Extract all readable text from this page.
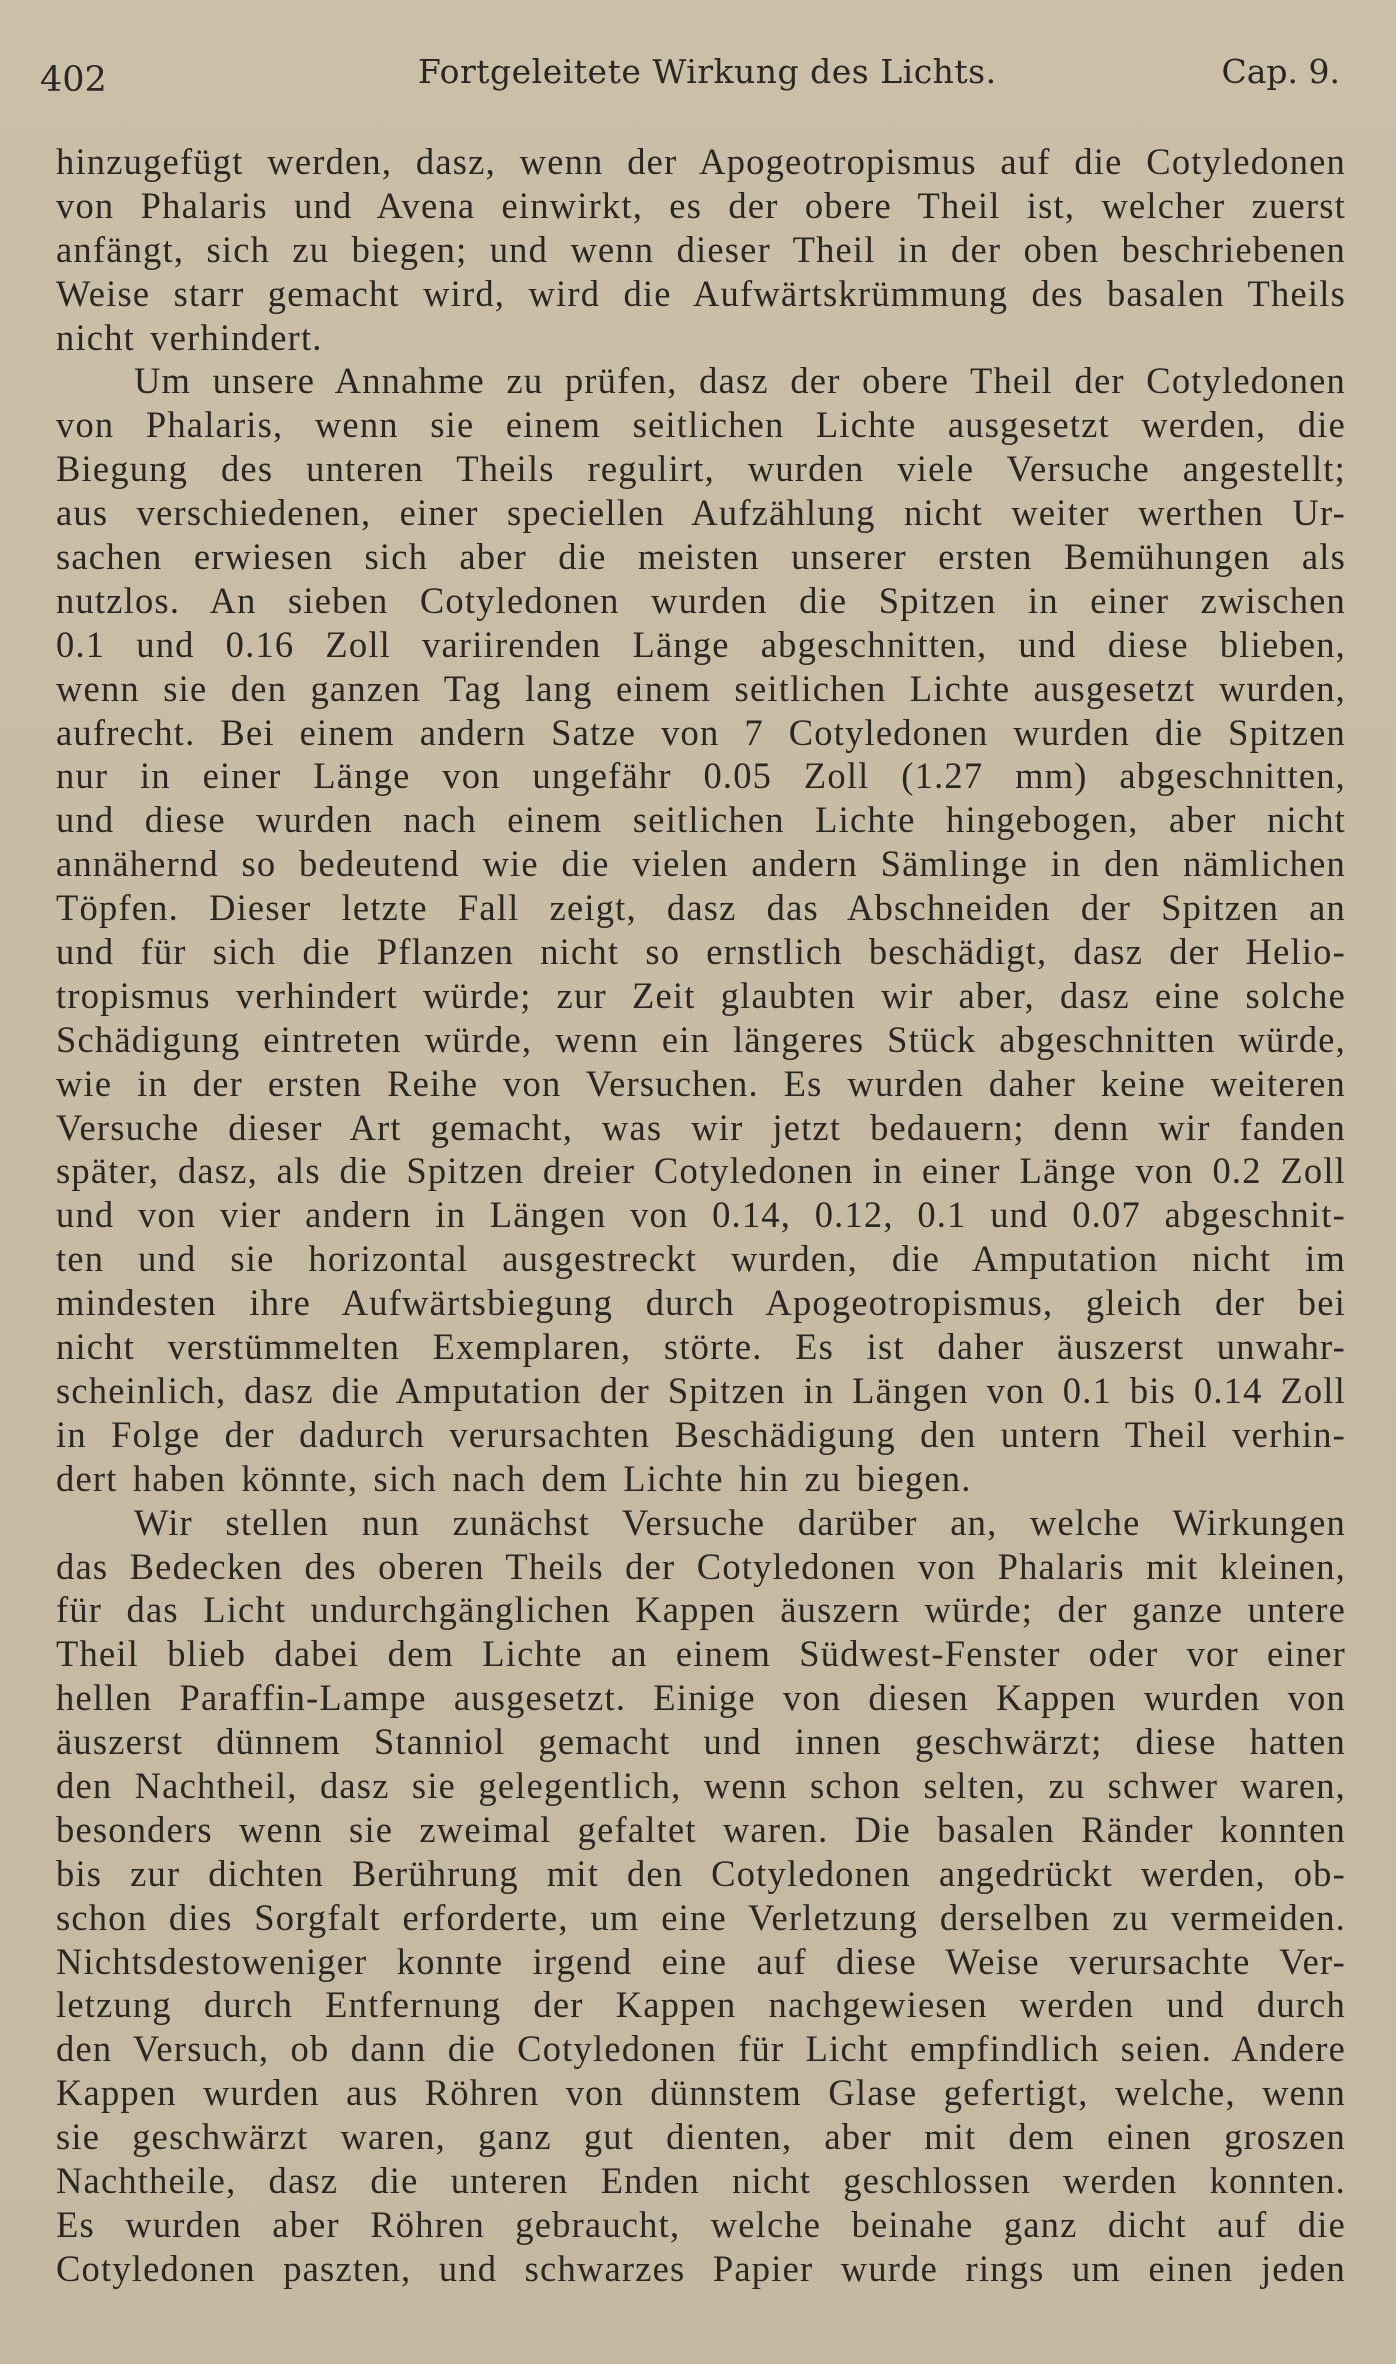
402	Fortgeleitete Wirkung des Lichts.	Cap. 9.
hinzugefügt werden, dasz, wenn der Apogeotropismus auf die Cotyledonen
von Phalaris und Avena einwirkt, es der obere Theil ist, welcher zuerst
anfängt, sich zu biegen; und wenn dieser Theil in der oben beschriebenen
Weise starr gemacht wird, wird die Aufwärtskrümmung des basalen Theils
nicht verhindert.
Um unsere Annahme zu prüfen, dasz der obere Theil der Cotyledonen
von Phalaris, wenn sie einem seitlichen Lichte ausgesetzt werden, die
Biegung des unteren Theils regulirt, wurden viele Versuche angestellt;
aus verschiedenen, einer speciellen Aufzählung nicht weiter werthen Ur-
sachen erwiesen sich aber die meisten unserer ersten Bemühungen als
nutzlos. An sieben Cotyledonen wurden die Spitzen in einer zwischen
0.1 und 0.16 Zoll variirenden Länge abgeschnitten, und diese blieben,
wenn sie den ganzen Tag lang einem seitlichen Lichte ausgesetzt wurden,
aufrecht. Bei einem andern Satze von 7 Cotyledonen wurden die Spitzen
nur in einer Länge von ungefähr 0.05 Zoll (1.27 mm) abgeschnitten,
und diese wurden nach einem seitlichen Lichte hingebogen, aber nicht
annähernd so bedeutend wie die vielen andern Sämlinge in den nämlichen
Töpfen. Dieser letzte Fall zeigt, dasz das Abschneiden der Spitzen an
und für sich die Pflanzen nicht so ernstlich beschädigt, dasz der Helio-
tropismus verhindert würde; zur Zeit glaubten wir aber, dasz eine solche
Schädigung eintreten würde, wenn ein längeres Stück abgeschnitten würde,
wie in der ersten Reihe von Versuchen. Es wurden daher keine weiteren
Versuche dieser Art gemacht, was wir jetzt bedauern; denn wir fanden
später, dasz, als die Spitzen dreier Cotyledonen in einer Länge von 0.2 Zoll
und von vier andern in Längen von 0.14, 0.12, 0.1 und 0.07 abgeschnit-
ten und sie horizontal ausgestreckt wurden, die Amputation nicht im
mindesten ihre Aufwärtsbiegung durch Apogeotropismus, gleich der bei
nicht verstümmelten Exemplaren, störte. Es ist daher äuszerst unwahr-
scheinlich, dasz die Amputation der Spitzen in Längen von 0.1 bis 0.14 Zoll
in Folge der dadurch verursachten Beschädigung den untern Theil verhin-
dert haben könnte, sich nach dem Lichte hin zu biegen.
Wir stellen nun zunächst Versuche darüber an, welche Wirkungen
das Bedecken des oberen Theils der Cotyledonen von Phalaris mit kleinen,
für das Licht undurchgänglichen Kappen äuszern würde; der ganze untere
Theil blieb dabei dem Lichte an einem Südwest-Fenster oder vor einer
hellen Paraffin-Lampe ausgesetzt. Einige von diesen Kappen wurden von
äuszerst dünnem Stanniol gemacht und innen geschwärzt; diese hatten
den Nachtheil, dasz sie gelegentlich, wenn schon selten, zu schwer waren,
besonders wenn sie zweimal gefaltet waren. Die basalen Ränder konnten
bis zur dichten Berührung mit den Cotyledonen angedrückt werden, ob-
schon dies Sorgfalt erforderte, um eine Verletzung derselben zu vermeiden.
Nichtsdestoweniger konnte irgend eine auf diese Weise verursachte Ver-
letzung durch Entfernung der Kappen nachgewiesen werden und durch
den Versuch, ob dann die Cotyledonen für Licht empfindlich seien. Andere
Kappen wurden aus Röhren von dünnstem Glase gefertigt, welche, wenn
sie geschwärzt waren, ganz gut dienten, aber mit dem einen groszen
Nachtheile, dasz die unteren Enden nicht geschlossen werden konnten.
Es wurden aber Röhren gebraucht, welche beinahe ganz dicht auf die
Cotyledonen paszten, und schwarzes Papier wurde rings um einen jeden
